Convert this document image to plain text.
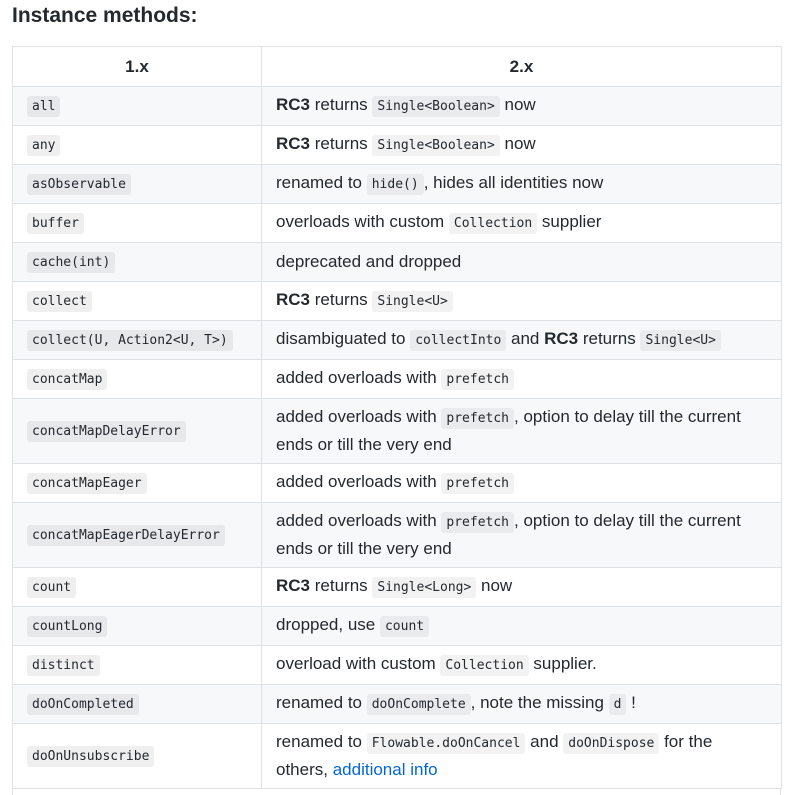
Instance methods:
1.x	2.x
all	RC3 returns Single<Boolean> now
any	RC3 returns Single<Boolean> now
asObservable	renamed to hide() , hides all identities now
buffer	overloads with custom Collection supplier
cache(int)	deprecated and dropped
collect	RC3 returns Single<U>
collect(U, Action2<U, T>)	disambiguated to collectInto and RC3 returns Single<U>
concatMap	added overloads with prefetch
concatMapDelayError	added overloads with prefetch , option to delay till the current ends or till the very end
concatMapEager	added overloads with prefetch
concatMapEagerDelayError	added overloads with prefetch , option to delay till the current ends or till the very end
count	RC3 returns Single<Long> now
countLong	dropped, use count
distinct	overload with custom Collection supplier.
doOnCompleted	renamed to doOnComplete , note the missing d !
doOnUnsubscribe	renamed to Flowable.doOnCancel and doOnDispose for the others, additional info
